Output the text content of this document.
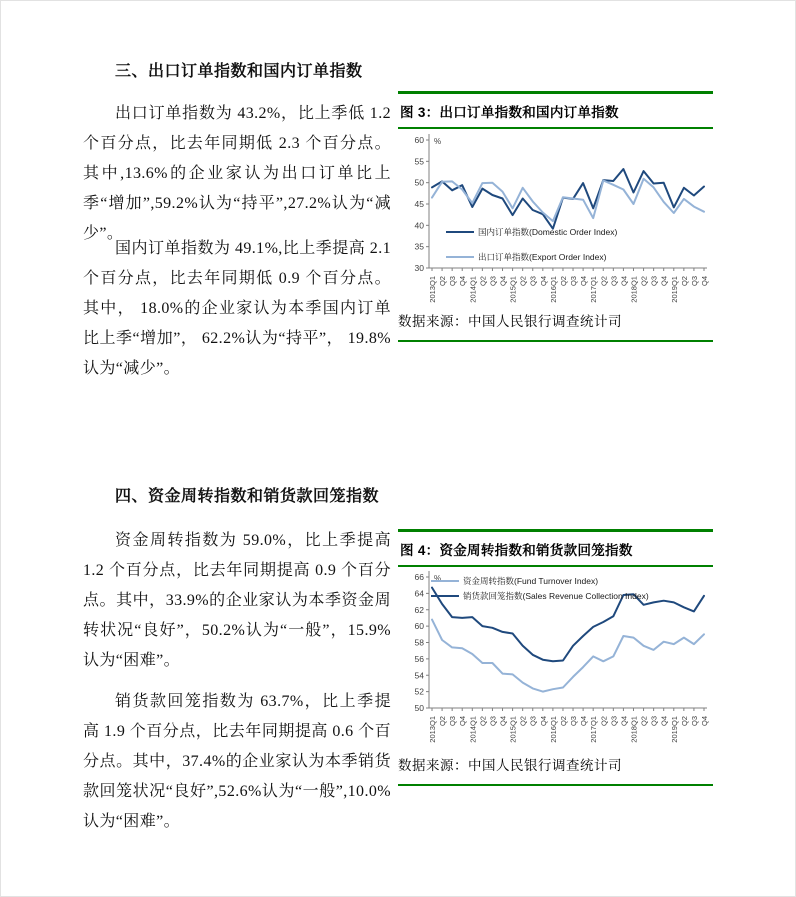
三、出口订单指数和国内订单指数

出口订单指数为 43.2%，比上季低 1.2 个百分点，比去年同期低 2.3 个百分点。其中,13.6%的企业家认为出口订单比上季“增加”,59.2%认为“持平”,27.2%认为“减少”。

国内订单指数为 49.1%,比上季提高 2.1 个百分点，比去年同期低 0.9 个百分点。其中， 18.0%的企业家认为本季国内订单比上季“增加”， 62.2%认为“持平”， 19.8%认为“减少”。

四、资金周转指数和销货款回笼指数

资金周转指数为 59.0%，比上季提高 1.2 个百分点，比去年同期提高 0.9 个百分点。其中，33.9%的企业家认为本季资金周转状况“良好”，50.2%认为“一般”，15.9%认为“困难”。

销货款回笼指数为 63.7%，比上季提高 1.9 个百分点，比去年同期提高 0.6 个百分点。其中，37.4%的企业家认为本季销货款回笼状况“良好”,52.6%认为“一般”,10.0%认为“困难”。

图 3：出口订单指数和国内订单指数
30
35
40
45
50
55
60 %
2013Q1 Q2 Q3 Q4 2014Q1 Q2 Q3 Q4 2015Q1 Q2 Q3 Q4 2016Q1 Q2 Q3 Q4 2017Q1 Q2 Q3 Q4 2018Q1 Q2 Q3 Q4 2019Q1 Q2 Q3 Q4
国内订单指数(Domestic Order Index)
出口订单指数(Export Order Index)
数据来源：中国人民银行调查统计司
图 4：资金周转指数和销货款回笼指数
50
52
54
56
58
60
62
64
66 %
2013Q1 Q2 Q3 Q4 2014Q1 Q2 Q3 Q4 2015Q1 Q2 Q3 Q4 2016Q1 Q2 Q3 Q4 2017Q1 Q2 Q3 Q4 2018Q1 Q2 Q3 Q4 2019Q1 Q2 Q3 Q4
资金周转指数(Fund Turnover Index)
销货款回笼指数(Sales Revenue Collection Index)
数据来源：中国人民银行调查统计司
